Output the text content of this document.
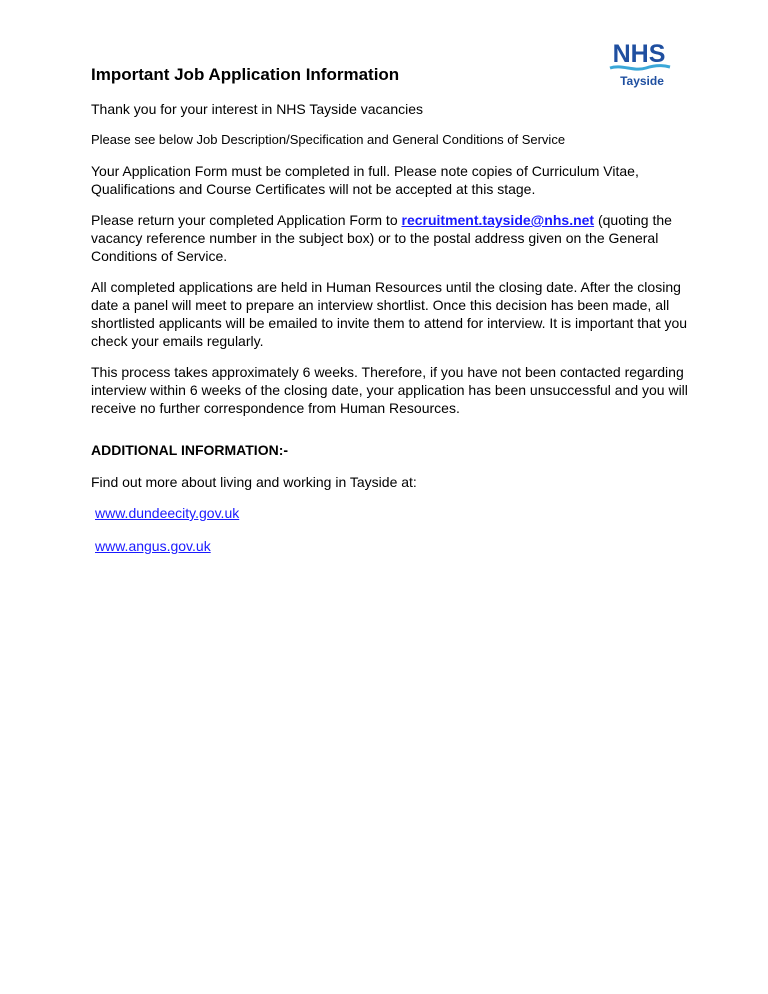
NHS
Tayside
Important Job Application Information

Thank you for your interest in NHS Tayside vacancies

Please see below Job Description/Specification and General Conditions of Service

Your Application Form must be completed in full. Please note copies of Curriculum Vitae, Qualifications and Course Certificates will not be accepted at this stage.

Please return your completed Application Form to recruitment.tayside@nhs.net (quoting the vacancy reference number in the subject box) or to the postal address given on the General Conditions of Service.

All completed applications are held in Human Resources until the closing date. After the closing date a panel will meet to prepare an interview shortlist. Once this decision has been made, all shortlisted applicants will be emailed to invite them to attend for interview. It is important that you check your emails regularly.

This process takes approximately 6 weeks. Therefore, if you have not been contacted regarding interview within 6 weeks of the closing date, your application has been unsuccessful and you will receive no further correspondence from Human Resources.

ADDITIONAL INFORMATION:-

Find out more about living and working in Tayside at:

www.dundeecity.gov.uk
www.angus.gov.uk
